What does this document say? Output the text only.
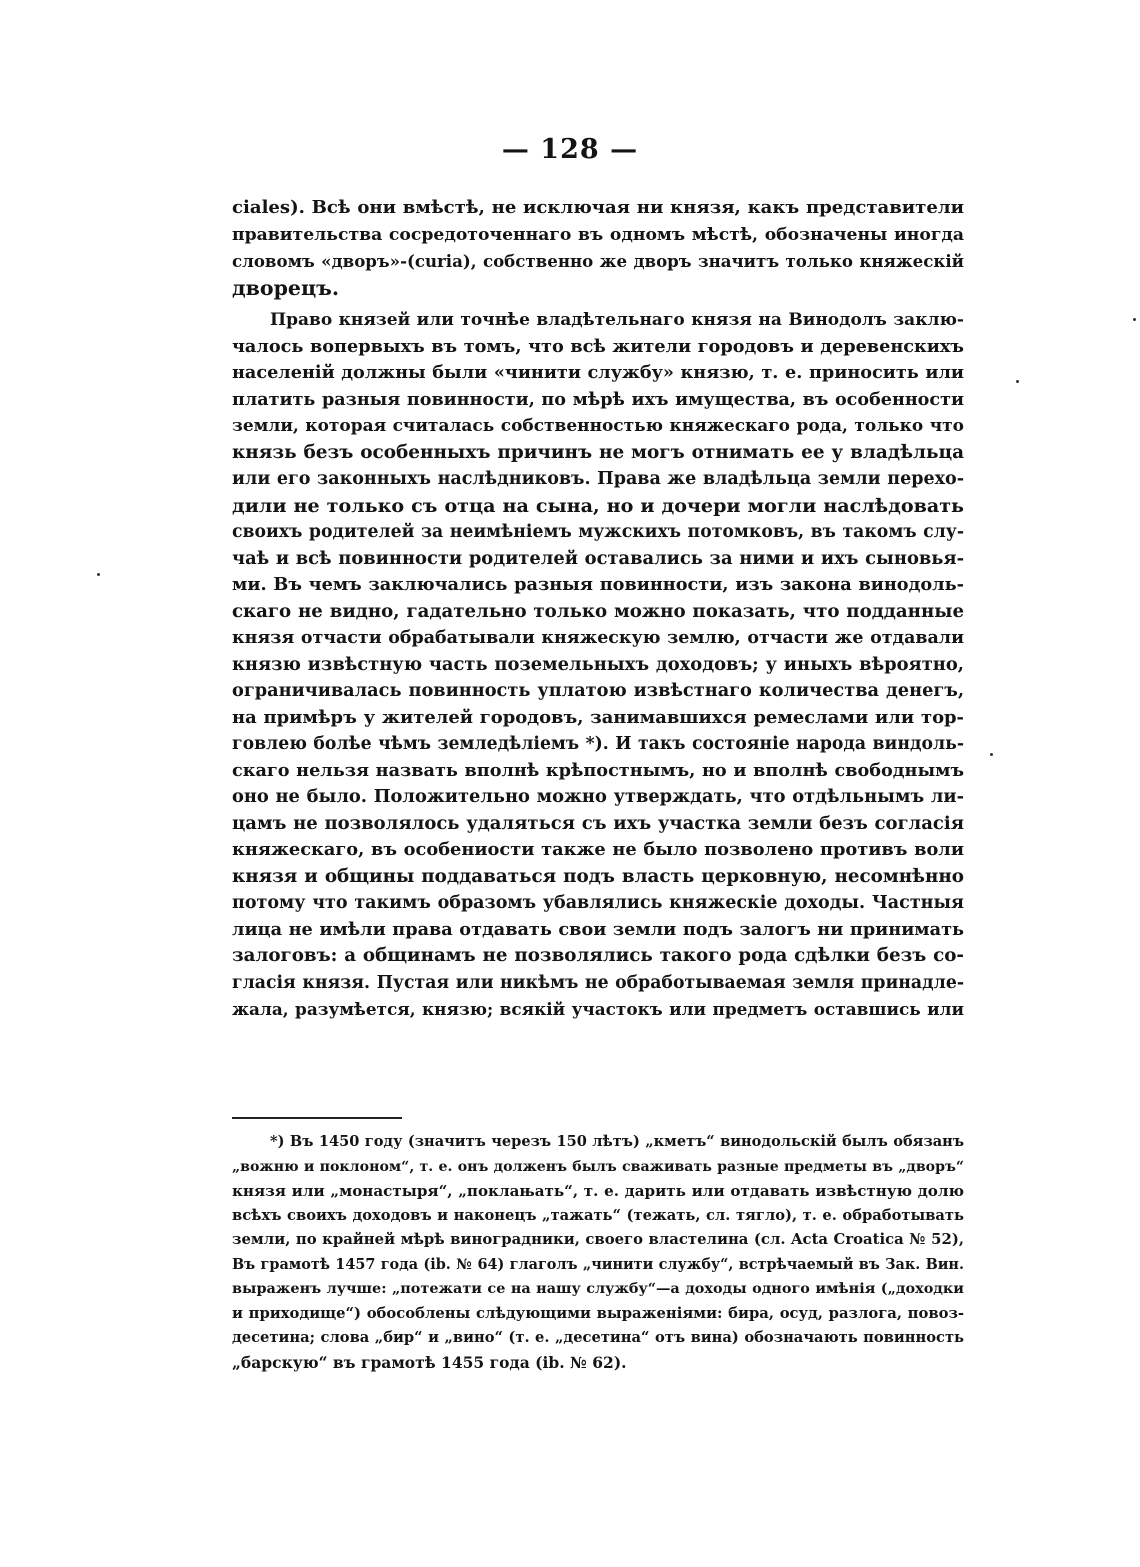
— 128 —
ciales). Всѣ они вмѣстѣ, не исключая ни князя, какъ представители
правительства сосредоточеннаго въ одномъ мѣстѣ, обозначены иногда
словомъ «дворъ»-(curia), собственно же дворъ значитъ только княжескій
дворецъ.
Право князей или точнѣе владѣтельнаго князя на Винодолъ заклю-
чалось вопервыхъ въ томъ, что всѣ жители городовъ и деревенскихъ
населеній должны были «чинити службу» князю, т. е. приносить или
платить разныя повинности, по мѣрѣ ихъ имущества, въ особенности
земли, которая считалась собственностью княжескаго рода, только что
князь безъ особенныхъ причинъ не могъ отнимать ее у владѣльца
или его законныхъ наслѣдниковъ. Права же владѣльца земли перехо-
дили не только съ отца на сына, но и дочери могли наслѣдовать
своихъ родителей за неимѣніемъ мужскихъ потомковъ, въ такомъ слу-
чаѣ и всѣ повинности родителей оставались за ними и ихъ сыновья-
ми. Въ чемъ заключались разныя повинности, изъ закона винодоль-
скаго не видно, гадательно только можно показать, что подданные
князя отчасти обрабатывали княжескую землю, отчасти же отдавали
князю извѣстную часть поземельныхъ доходовъ; у иныхъ вѣроятно,
ограничивалась повинность уплатою извѣстнаго количества денегъ,
на примѣръ у жителей городовъ, занимавшихся ремеслами или тор-
говлею болѣе чѣмъ земледѣліемъ *). И такъ состояніе народа виндоль-
скаго нельзя назвать вполнѣ крѣпостнымъ, но и вполнѣ свободнымъ
оно не было. Положительно можно утверждать, что отдѣльнымъ ли-
цамъ не позволялось удаляться съ ихъ участка земли безъ согласія
княжескаго, въ особениости также не было позволено противъ воли
князя и общины поддаваться подъ власть церковную, несомнѣнно
потому что такимъ образомъ убавлялись княжескіе доходы. Частныя
лица не имѣли права отдавать свои земли подъ залогъ ни принимать
залоговъ: а общинамъ не позволялись такого рода сдѣлки безъ со-
гласія князя. Пустая или никѣмъ не обработываемая земля принадле-
жала, разумѣется, князю; всякій участокъ или предметъ оставшись или
*) Въ 1450 году (значитъ черезъ 150 лѣтъ) „кметъ“ винодольскій былъ обязанъ
„вожню и поклоном“, т. е. онъ долженъ былъ сваживать разные предметы въ „дворъ“
князя или „монастыря“, „поклањать“, т. е. дарить или отдавать извѣстную долю
всѣхъ своихъ доходовъ и наконецъ „тажать“ (тежать, сл. тягло), т. е. обработывать
земли, по крайней мѣрѣ виноградники, своего властелина (сл. Acta Croatica № 52),
Въ грамотѣ 1457 года (ib. № 64) глаголъ „чинити службу“, встрѣчаемый въ Зак. Вин.
выраженъ лучше: „потежати се на нашу службу“—а доходы одного имѣнія („доходки
и приходище“) обособлены слѣдующими выраженіями: бира, осуд, разлога, повоз-
десетина; слова „бир“ и „вино“ (т. е. „десетина“ отъ вина) обозначають повинность
„барскую“ въ грамотѣ 1455 года (ib. № 62).
